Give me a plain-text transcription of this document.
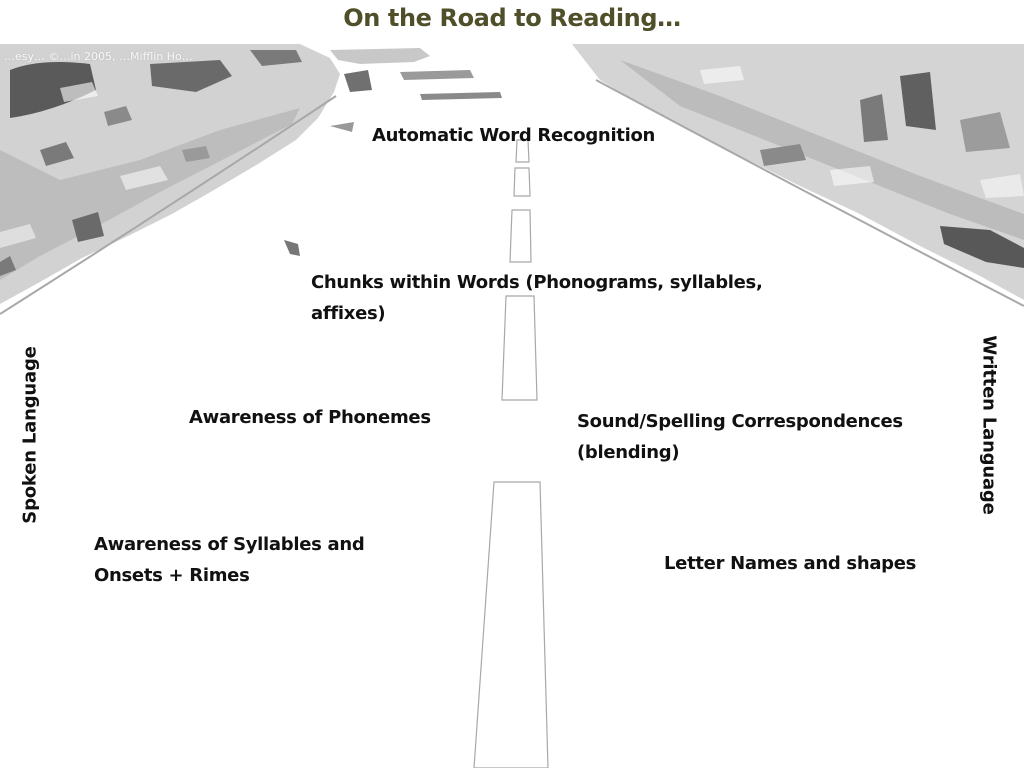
On the Road to Reading…
…esy… ©…in 2005, …Mifflin Ho…
Automatic Word Recognition
Chunks within Words (Phonograms, syllables, affixes)
Awareness of Phonemes	Sound/Spelling Correspondences (blending)
Awareness of Syllables and Onsets + Rimes
Letter Names and shapes
Spoken Language	Written Language
